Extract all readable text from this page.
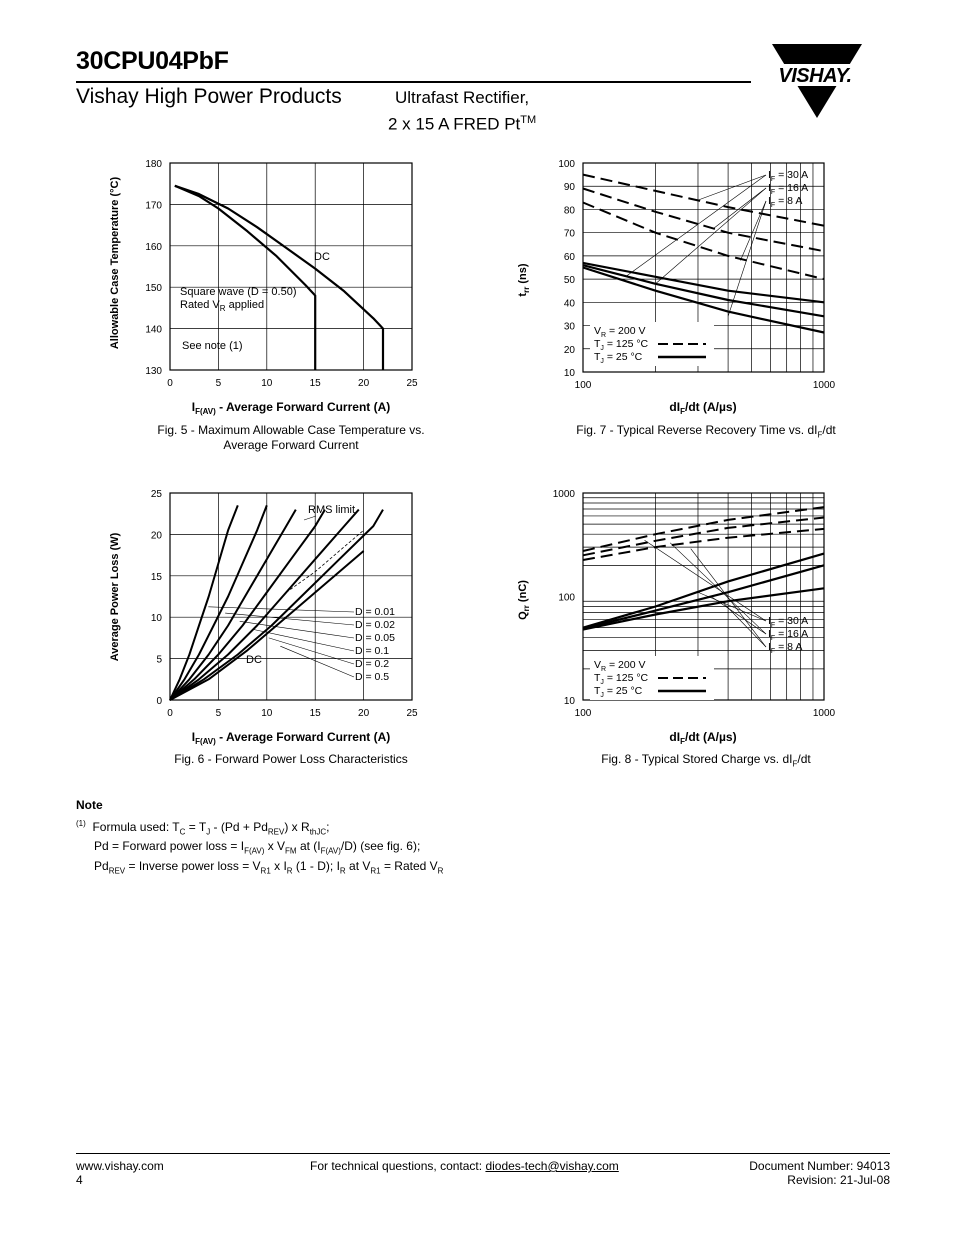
30CPU04PbF
Vishay High Power Products	Ultrafast Rectifier,
2 x 15 A FRED Pt™
VISHAY.
0	5	10	15	20	25
130
140
150
160
170
180
Allowable Case Temperature (°C)	DC
Square wave (D = 0.50)
Rated $V_R$ applied
See note (1)
$I_{F(AV)}$ - Average Forward Current (A)
Fig. 5 - Maximum Allowable Case Temperature vs.
Average Forward Current
100	1000
10
20
30
40
50
60
70
80
90
100
$t_{rr}$ (ns)
$I_F = 30$ A
$I_F = 16$ A
$I_F = 8$ A
$V_R = 200$ V
$T_J = 125$ °C
$T_J = 25$ °C
$dI_F/dt$ (A/µs)
Fig. 7 - Typical Reverse Recovery Time vs. $dI_F/dt$
0	5	10	15	20	25
0
5
10
15
20
25
Average Power Loss (W)
RMS limit
DC
D = 0.01
D = 0.02
D = 0.05
D = 0.1
D = 0.2
D = 0.5
$I_{F(AV)}$ - Average Forward Current (A)
Fig. 6 - Forward Power Loss Characteristics
100	1000
10
100
1000
$Q_{rr}$ (nC)
$I_F = 30$ A
$I_F = 16$ A
$I_F = 8$ A
$V_R = 200$ V
$T_J = 125$ °C
$T_J = 25$ °C
$dI_F/dt$ (A/µs)
Fig. 8 - Typical Stored Charge vs. $dI_F/dt$
Note
$^{(1)}$ Formula used: $T_C = T_J - (Pd + Pd_{REV})$ x $R_{thJC}$;
Pd = Forward power loss = $I_{F(AV)}$ x $V_{FM}$ at $(I_{F(AV)}/D)$ (see fig. 6);
$Pd_{REV}$ = Inverse power loss = $V_{R1}$ x $I_R$ (1 - D); $I_R$ at $V_{R1}$ = Rated $V_R$
www.vishay.com
4
For technical questions, contact: diodes-tech@vishay.com	Document Number: 94013
Revision: 21-Jul-08
